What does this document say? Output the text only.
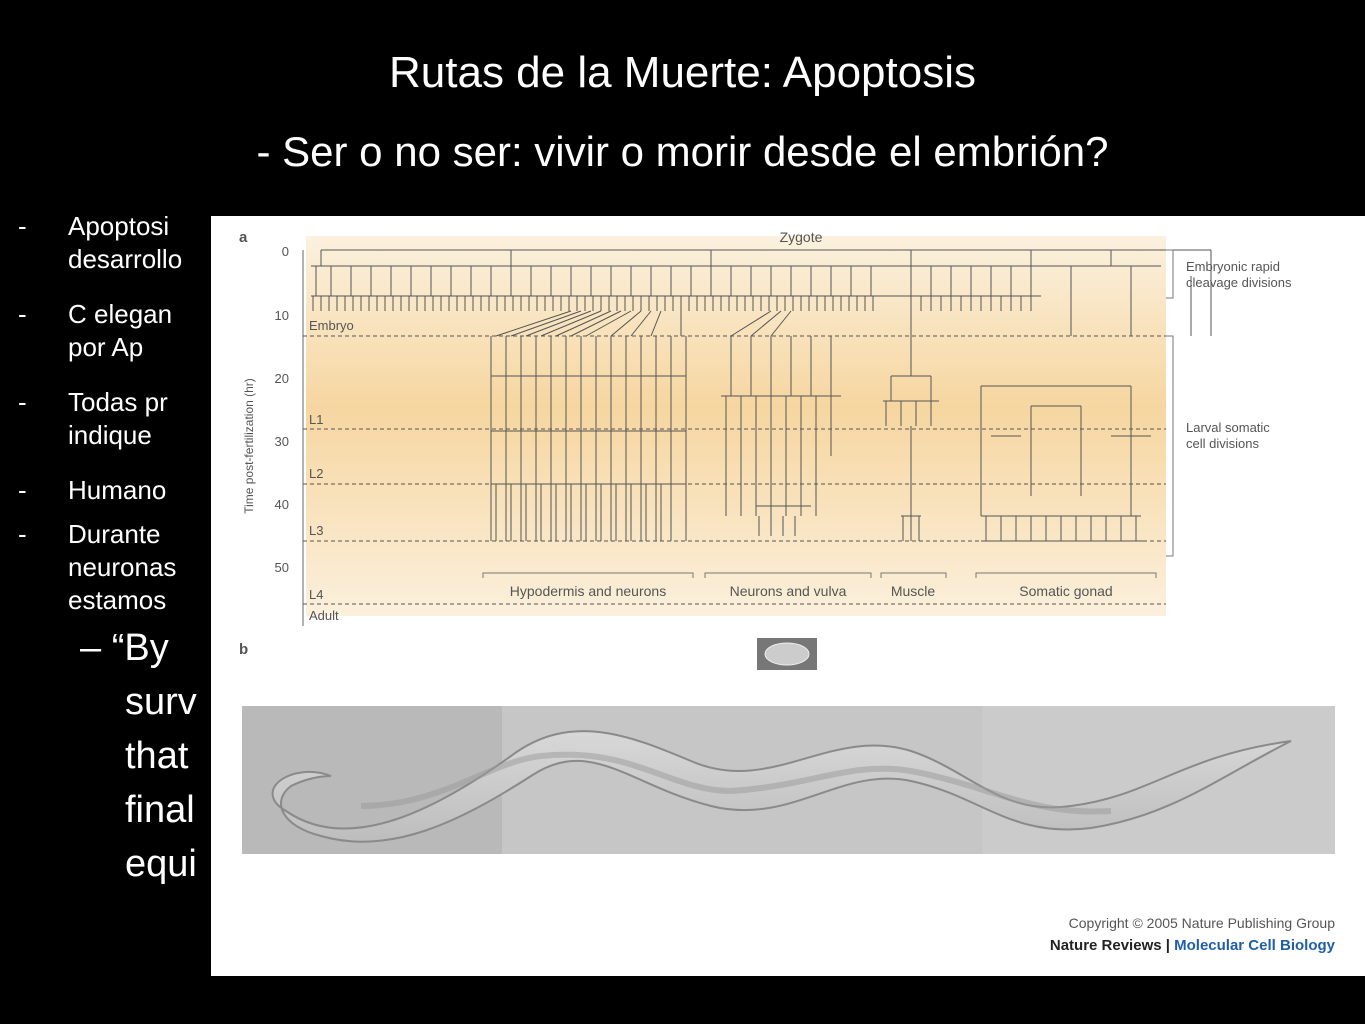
Rutas de la Muerte: Apoptosis
- Ser o no ser: vivir o morir desde el embrión?
- Apoptosi
desarrollo
- C elegan
por Ap
- Todas pr
indique
- Humano
- Durante
neuronas
estamos
– “By
surv
that
final
equi
a
b
Time post-fertilization (hr)
0
10
20
30
40
50
Embryo
L1
L2
L3
L4
Adult
Zygote
Embryonic rapid
cleavage divisions
Larval somatic
cell divisions
Hypodermis and neurons	Neurons and vulva	Muscle	Somatic gonad
Copyright © 2005 Nature Publishing Group
Nature Reviews | Molecular Cell Biology
